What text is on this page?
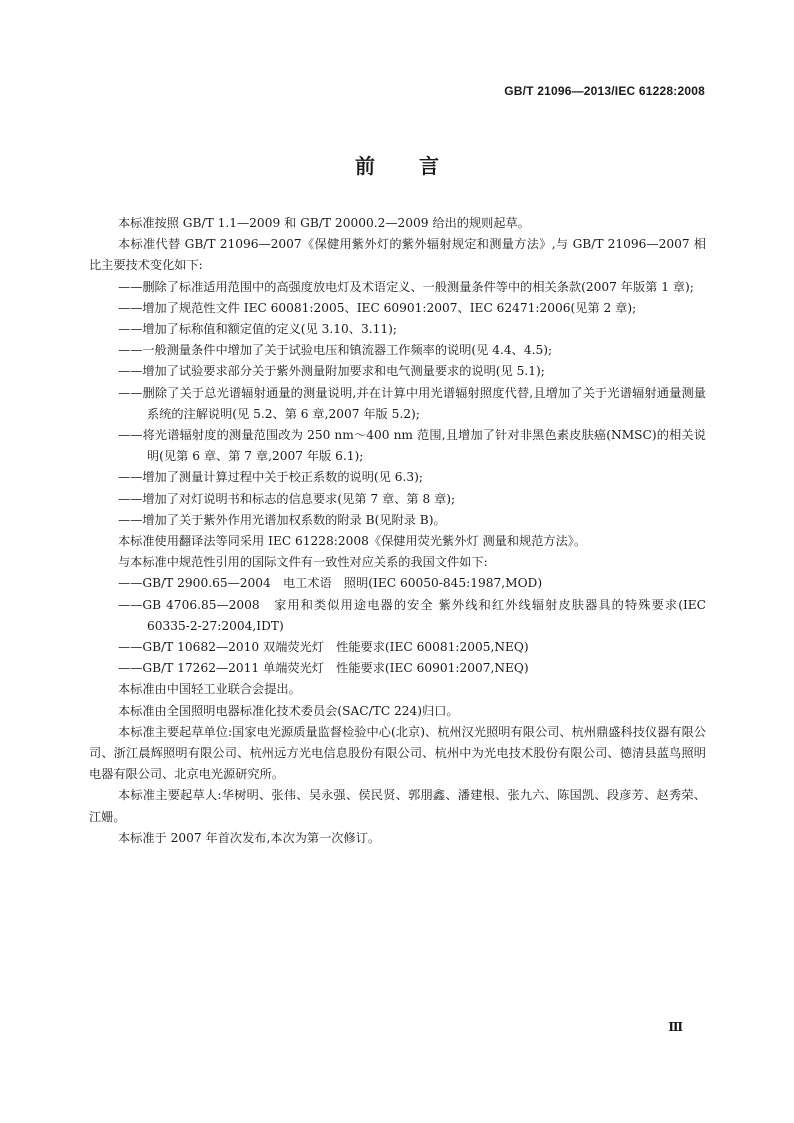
GB/T 21096—2013/IEC 61228:2008
前言

本标准按照 GB/T 1.1—2009 和 GB/T 20000.2—2009 给出的规则起草。

本标准代替 GB/T 21096—2007《保健用紫外灯的紫外辐射规定和测量方法》,与 GB/T 21096—2007 相比主要技术变化如下:

——删除了标准适用范围中的高强度放电灯及术语定义、一般测量条件等中的相关条款(2007 年版第 1 章);

——增加了规范性文件 IEC 60081:2005、IEC 60901:2007、IEC 62471:2006(见第 2 章);

——增加了标称值和额定值的定义(见 3.10、3.11);

——一般测量条件中增加了关于试验电压和镇流器工作频率的说明(见 4.4、4.5);

——增加了试验要求部分关于紫外测量附加要求和电气测量要求的说明(见 5.1);

——删除了关于总光谱辐射通量的测量说明,并在计算中用光谱辐射照度代替,且增加了关于光谱辐射通量测量系统的注解说明(见 5.2、第 6 章,2007 年版 5.2);

——将光谱辐射度的测量范围改为 250 nm～400 nm 范围,且增加了针对非黑色素皮肤癌(NMSC)的相关说明(见第 6 章、第 7 章,2007 年版 6.1);

——增加了测量计算过程中关于校正系数的说明(见 6.3);

——增加了对灯说明书和标志的信息要求(见第 7 章、第 8 章);

——增加了关于紫外作用光谱加权系数的附录 B(见附录 B)。

本标准使用翻译法等同采用 IEC 61228:2008《保健用荧光紫外灯 测量和规范方法》。

与本标准中规范性引用的国际文件有一致性对应关系的我国文件如下:

——GB/T 2900.65—2004　电工术语　照明(IEC 60050-845:1987,MOD)

——GB 4706.85—2008　家用和类似用途电器的安全 紫外线和红外线辐射皮肤器具的特殊要求(IEC 60335-2-27:2004,IDT)

——GB/T 10682—2010 双端荧光灯　性能要求(IEC 60081:2005,NEQ)

——GB/T 17262—2011 单端荧光灯　性能要求(IEC 60901:2007,NEQ)

本标准由中国轻工业联合会提出。

本标准由全国照明电器标准化技术委员会(SAC/TC 224)归口。

本标准主要起草单位:国家电光源质量监督检验中心(北京)、杭州汉光照明有限公司、杭州鼎盛科技仪器有限公司、浙江晨辉照明有限公司、杭州远方光电信息股份有限公司、杭州中为光电技术股份有限公司、德清县蓝鸟照明电器有限公司、北京电光源研究所。

本标准主要起草人:华树明、张伟、吴永强、侯民贤、郭朋鑫、潘建根、张九六、陈国凯、段彦芳、赵秀荣、江姗。

本标准于 2007 年首次发布,本次为第一次修订。

Ⅲ
